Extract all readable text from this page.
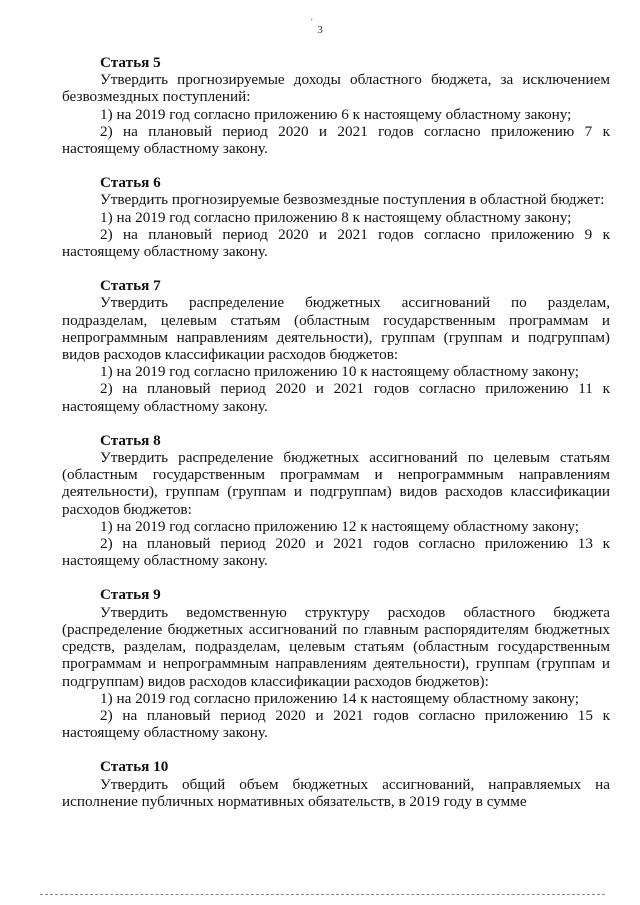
'
3

Статья 5

Утвердить прогнозируемые доходы областного бюджета, за исключением безвозмездных поступлений:

1) на 2019 год согласно приложению 6 к настоящему областному закону;

2) на плановый период 2020 и 2021 годов согласно приложению 7 к настоящему областному закону.

Статья 6

Утвердить прогнозируемые безвозмездные поступления в областной бюджет:

1) на 2019 год согласно приложению 8 к настоящему областному закону;

2) на плановый период 2020 и 2021 годов согласно приложению 9 к настоящему областному закону.

Статья 7

Утвердить распределение бюджетных ассигнований по разделам, подразделам, целевым статьям (областным государственным программам и непрограммным направлениям деятельности), группам (группам и подгруппам) видов расходов классификации расходов бюджетов:

1) на 2019 год согласно приложению 10 к настоящему областному закону;

2) на плановый период 2020 и 2021 годов согласно приложению 11 к настоящему областному закону.

Статья 8

Утвердить распределение бюджетных ассигнований по целевым статьям (областным государственным программам и непрограммным направлениям деятельности), группам (группам и подгруппам) видов расходов классификации расходов бюджетов:

1) на 2019 год согласно приложению 12 к настоящему областному закону;

2) на плановый период 2020 и 2021 годов согласно приложению 13 к настоящему областному закону.

Статья 9

Утвердить ведомственную структуру расходов областного бюджета (распределение бюджетных ассигнований по главным распорядителям бюджетных средств, разделам, подразделам, целевым статьям (областным государственным программам и непрограммным направлениям деятельности), группам (группам и подгруппам) видов расходов классификации расходов бюджетов):

1) на 2019 год согласно приложению 14 к настоящему областному закону;

2) на плановый период 2020 и 2021 годов согласно приложению 15 к настоящему областному закону.

Статья 10

Утвердить общий объем бюджетных ассигнований, направляемых на исполнение публичных нормативных обязательств, в 2019 году в сумме
